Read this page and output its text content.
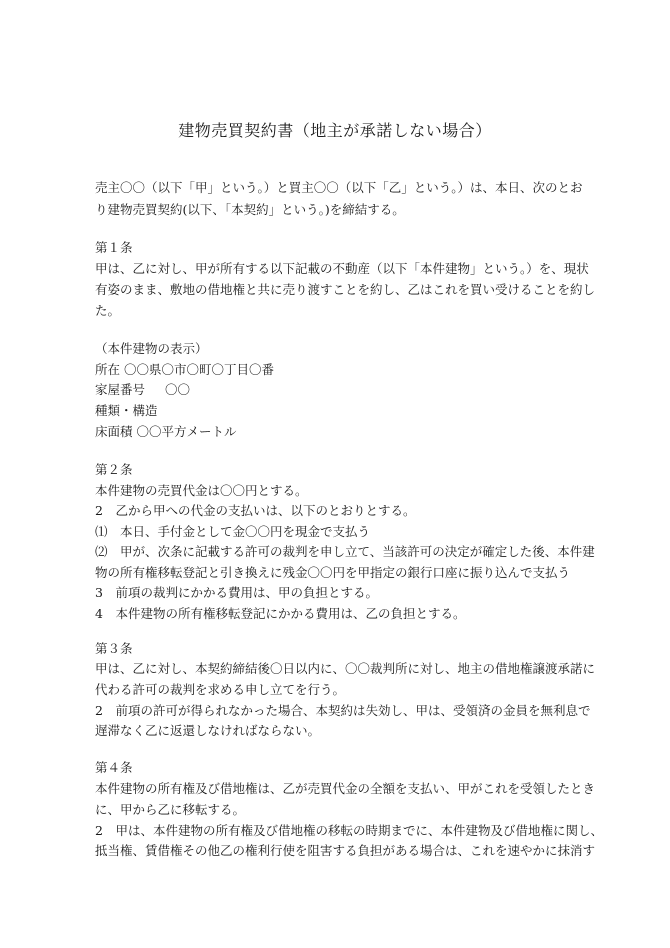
建物売買契約書（地主が承諾しない場合）
売主〇〇（以下「甲」という。）と買主〇〇（以下「乙」という。）は、本日、次のとお
り建物売買契約(以下、「本契約」という。)を締結する。
第１条
甲は、乙に対し、甲が所有する以下記載の不動産（以下「本件建物」という。）を、現状
有姿のまま、敷地の借地権と共に売り渡すことを約し、乙はこれを買い受けることを約し
た。
（本件建物の表示）
所在 〇〇県〇市〇町〇丁目〇番
家屋番号 〇〇
種類・構造
床面積 〇〇平方メートル
第２条
本件建物の売買代金は〇〇円とする。
2　乙から甲への代金の支払いは、以下のとおりとする。
⑴　本日、手付金として金〇〇円を現金で支払う
⑵　甲が、次条に記載する許可の裁判を申し立て、当該許可の決定が確定した後、本件建
物の所有権移転登記と引き換えに残金〇〇円を甲指定の銀行口座に振り込んで支払う
3　前項の裁判にかかる費用は、甲の負担とする。
4　本件建物の所有権移転登記にかかる費用は、乙の負担とする。
第３条
甲は、乙に対し、本契約締結後〇日以内に、〇〇裁判所に対し、地主の借地権譲渡承諾に
代わる許可の裁判を求める申し立てを行う。
2　前項の許可が得られなかった場合、本契約は失効し、甲は、受領済の金員を無利息で
遅滞なく乙に返還しなければならない。
第４条
本件建物の所有権及び借地権は、乙が売買代金の全額を支払い、甲がこれを受領したとき
に、甲から乙に移転する。
2　甲は、本件建物の所有権及び借地権の移転の時期までに、本件建物及び借地権に関し、
抵当権、賃借権その他乙の権利行使を阻害する負担がある場合は、これを速やかに抹消す
